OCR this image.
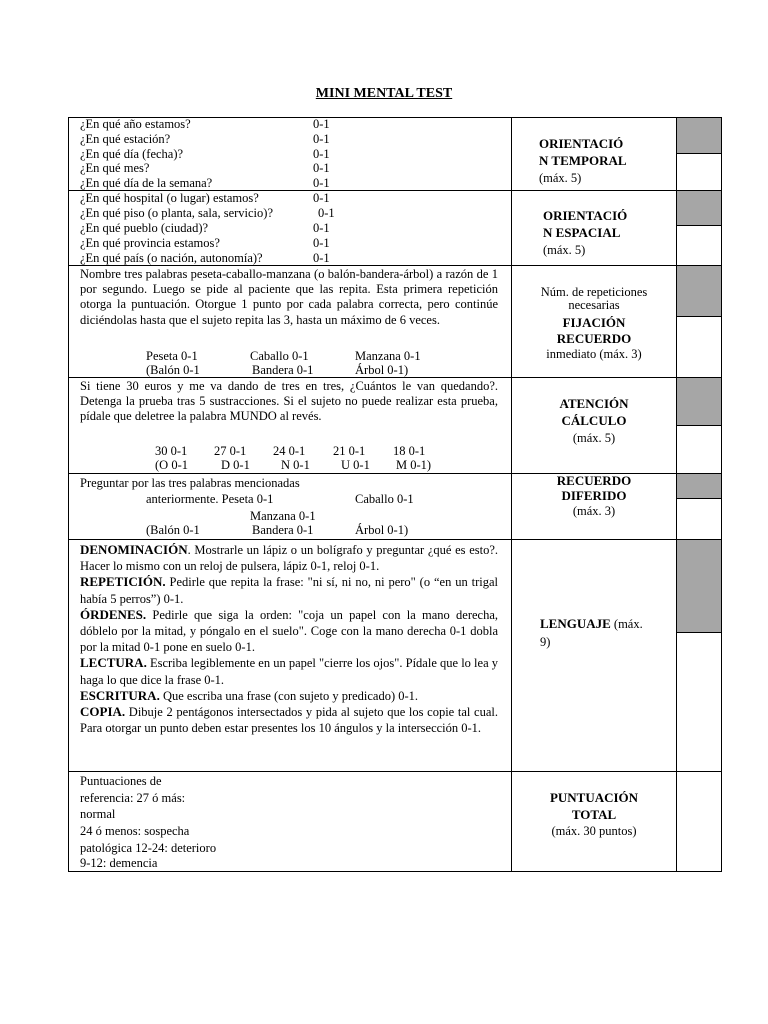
MINI MENTAL TEST
¿En qué año estamos?	0-1
¿En qué estación?	0-1
¿En qué día (fecha)?	0-1
¿En qué mes?	0-1
¿En qué día de la semana?	0-1
ORIENTACIÓ
N TEMPORAL
(máx. 5)
¿En qué hospital (o lugar) estamos?	0-1
¿En qué piso (o planta, sala, servicio)?	0-1
¿En qué pueblo (ciudad)?	0-1
¿En qué provincia estamos?	0-1
¿En qué país (o nación, autonomía)?	0-1
ORIENTACIÓ
N ESPACIAL
(máx. 5)
Nombre tres palabras peseta-caballo-manzana (o balón-bandera-árbol) a razón de 1 por segundo. Luego se pide al paciente que las repita. Esta primera repetición otorga la puntuación. Otorgue 1 punto por cada palabra correcta, pero continúe diciéndolas hasta que el sujeto repita las 3, hasta un máximo de 6 veces.
Peseta 0-1	Caballo 0-1	Manzana 0-1
(Balón 0-1	Bandera 0-1	Árbol 0-1)
Núm. de repeticiones
necesarias
FIJACIÓN
RECUERDO
inmediato (máx. 3)
Si tiene 30 euros y me va dando de tres en tres, ¿Cuántos le van quedando?. Detenga la prueba tras 5 sustracciones. Si el sujeto no puede realizar esta prueba, pídale que deletree la palabra MUNDO al revés.
30 0-1 27 0-1 24 0-1 21 0-1 18 0-1
(O 0-1	D 0-1 N 0-1 U 0-1 M 0-1)
ATENCIÓN
CÁLCULO
(máx. 5)
Preguntar por las tres palabras mencionadas
anteriormente. Peseta 0-1	Caballo 0-1
Manzana 0-1
(Balón 0-1	Bandera 0-1	Árbol 0-1)
RECUERDO
DIFERIDO
(máx. 3)
DENOMINACIÓN. Mostrarle un lápiz o un bolígrafo y preguntar ¿qué es esto?. Hacer lo mismo con un reloj de pulsera, lápiz 0-1, reloj 0-1.
REPETICIÓN. Pedirle que repita la frase: "ni sí, ni no, ni pero" (o “en un trigal había 5 perros”) 0-1.
ÓRDENES. Pedirle que siga la orden: "coja un papel con la mano derecha, dóblelo por la mitad, y póngalo en el suelo". Coge con la mano derecha 0-1 dobla por la mitad 0-1 pone en suelo 0-1.
LECTURA. Escriba legiblemente en un papel "cierre los ojos". Pídale que lo lea y haga lo que dice la frase 0-1.
ESCRITURA. Que escriba una frase (con sujeto y predicado) 0-1.
COPIA. Dibuje 2 pentágonos intersectados y pida al sujeto que los copie tal cual. Para otorgar un punto deben estar presentes los 10 ángulos y la intersección 0-1.
LENGUAJE (máx.
9)
Puntuaciones de
referencia: 27 ó más:
normal
24 ó menos: sospecha
patológica 12-24: deterioro
9-12: demencia
PUNTUACIÓN
TOTAL
(máx. 30 puntos)
